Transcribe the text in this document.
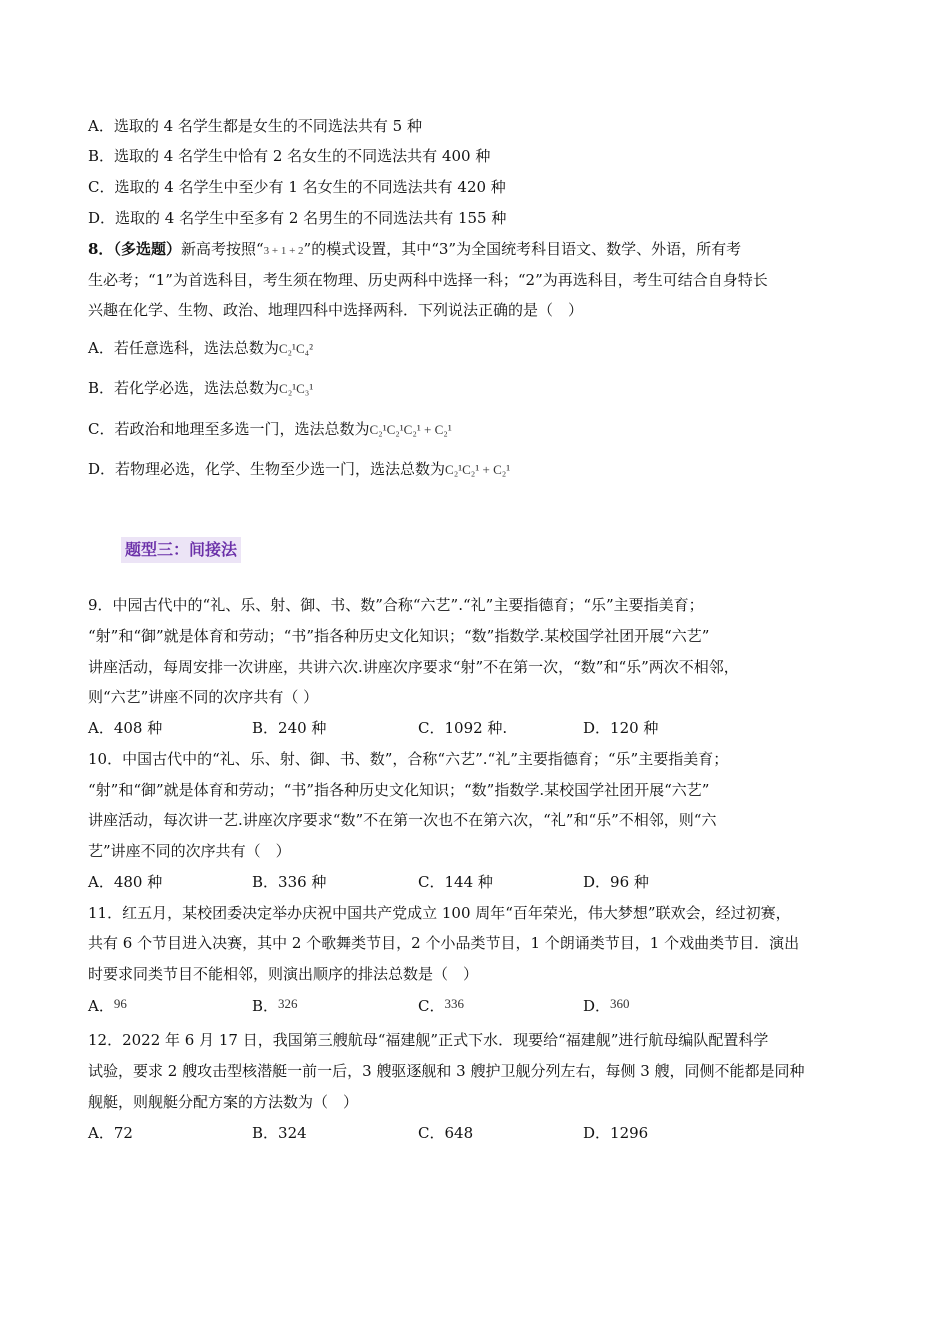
A．选取的 4 名学生都是女生的不同选法共有 5 种
B．选取的 4 名学生中恰有 2 名女生的不同选法共有 400 种
C．选取的 4 名学生中至少有 1 名女生的不同选法共有 420 种
D．选取的 4 名学生中至多有 2 名男生的不同选法共有 155 种
8．（多选题）新高考按照“3 + 1 + 2”的模式设置，其中“3”为全国统考科目语文、数学、外语，所有考
生必考；“1”为首选科目，考生须在物理、历史两科中选择一科；“2”为再选科目，考生可结合自身特长
兴趣在化学、生物、政治、地理四科中选择两科．下列说法正确的是（　）
A．若任意选科，选法总数为C₂¹C₄²
B．若化学必选，选法总数为C₂¹C₃¹
C．若政治和地理至多选一门，选法总数为C₂¹C₂¹C₂¹ + C₂¹
D．若物理必选，化学、生物至少选一门，选法总数为C₂¹C₂¹ + C₂¹
题型三：间接法
9．中园古代中的“礼、乐、射、御、书、数”合称“六艺”.“礼”主要指德育；“乐”主要指美育；
“射”和“御”就是体育和劳动；“书”指各种历史文化知识；“数”指数学.某校国学社团开展“六艺”
讲座活动，每周安排一次讲座，共讲六次.讲座次序要求“射”不在第一次，“数”和“乐”两次不相邻，
则“六艺”讲座不同的次序共有（ ）
A．408 种	B．240 种	C．1092 种.	D．120 种
10．中国古代中的“礼、乐、射、御、书、数”，合称“六艺”.“礼”主要指德育；“乐”主要指美育；
“射”和“御”就是体育和劳动；“书”指各种历史文化知识；“数”指数学.某校国学社团开展“六艺”
讲座活动，每次讲一艺.讲座次序要求“数”不在第一次也不在第六次，“礼”和“乐”不相邻，则“六
艺”讲座不同的次序共有（　）
A．480 种	B．336 种	C．144 种	D．96 种
11．红五月，某校团委决定举办庆祝中国共产党成立 100 周年“百年荣光，伟大梦想”联欢会，经过初赛，
共有 6 个节目进入决赛，其中 2 个歌舞类节目，2 个小品类节目，1 个朗诵类节目，1 个戏曲类节目．演出
时要求同类节目不能相邻，则演出顺序的排法总数是（　）
A．96	B．326	C．336	D．360
12．2022 年 6 月 17 日，我国第三艘航母“福建舰”正式下水．现要给“福建舰”进行航母编队配置科学
试验，要求 2 艘攻击型核潜艇一前一后，3 艘驱逐舰和 3 艘护卫舰分列左右，每侧 3 艘，同侧不能都是同种
舰艇，则舰艇分配方案的方法数为（　）
A．72	B．324	C．648	D．1296
